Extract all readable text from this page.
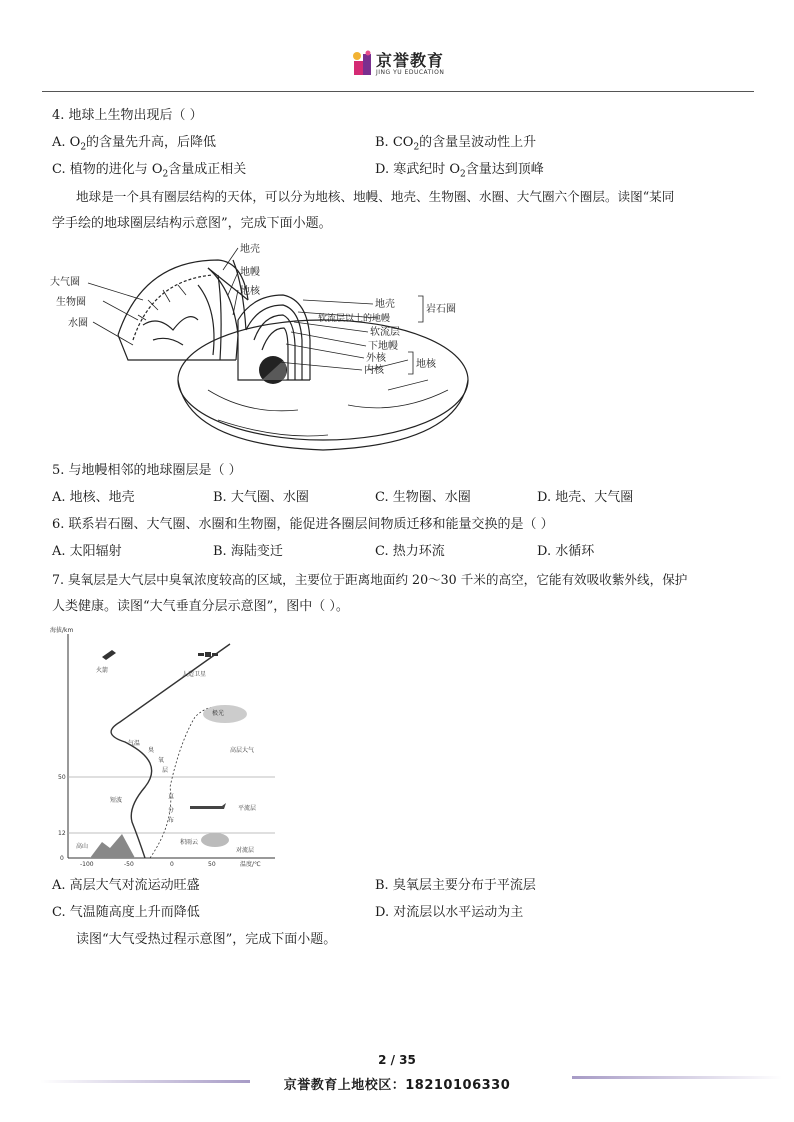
京誉教育
JING YU EDUCATION
4. 地球上生物出现后（ ）
A. $O_2$的含量先升高，后降低	B. $CO_2$的含量呈波动性上升
C. 植物的进化与 $O_2$含量成正相关	D. 寒武纪时 $O_2$含量达到顶峰
地球是一个具有圈层结构的天体，可以分为地核、地幔、地壳、生物圈、水圈、大气圈六个圈层。读图“某同
学手绘的地球圈层结构示意图”，完成下面小题。
大气圈
生物圈
水圈
地壳
地幔
地核
地壳
软流层以上的地幔
软流层
下地幔
外核
内核
岩石圈
地核
5. 与地幔相邻的地球圈层是（ ）
A. 地核、地壳	B. 大气圈、水圈	C. 生物圈、水圈	D. 地壳、大气圈
6. 联系岩石圈、大气圈、水圈和生物圈，能促进各圈层间物质迁移和能量交换的是（ ）
A. 太阳辐射	B. 海陆变迁	C. 热力环流	D. 水循环
7. 臭氧层是大气层中臭氧浓度较高的区域，主要位于距离地面约 20～30 千米的高空，它能有效吸收紫外线，保护
人类健康。读图“大气垂直分层示意图”，图中（ ）。
海拔/km
温度/℃
-100	-50	0	50
0
12
50
火箭
人造卫星
极光
高层大气
平流层
对流层
积雨云
高山
短波
气温
臭
氧
层
直
分
布
A. 高层大气对流运动旺盛	B. 臭氧层主要分布于平流层
C. 气温随高度上升而降低	D. 对流层以水平运动为主
读图“大气受热过程示意图”，完成下面小题。
2 / 35
京誉教育上地校区：18210106330
